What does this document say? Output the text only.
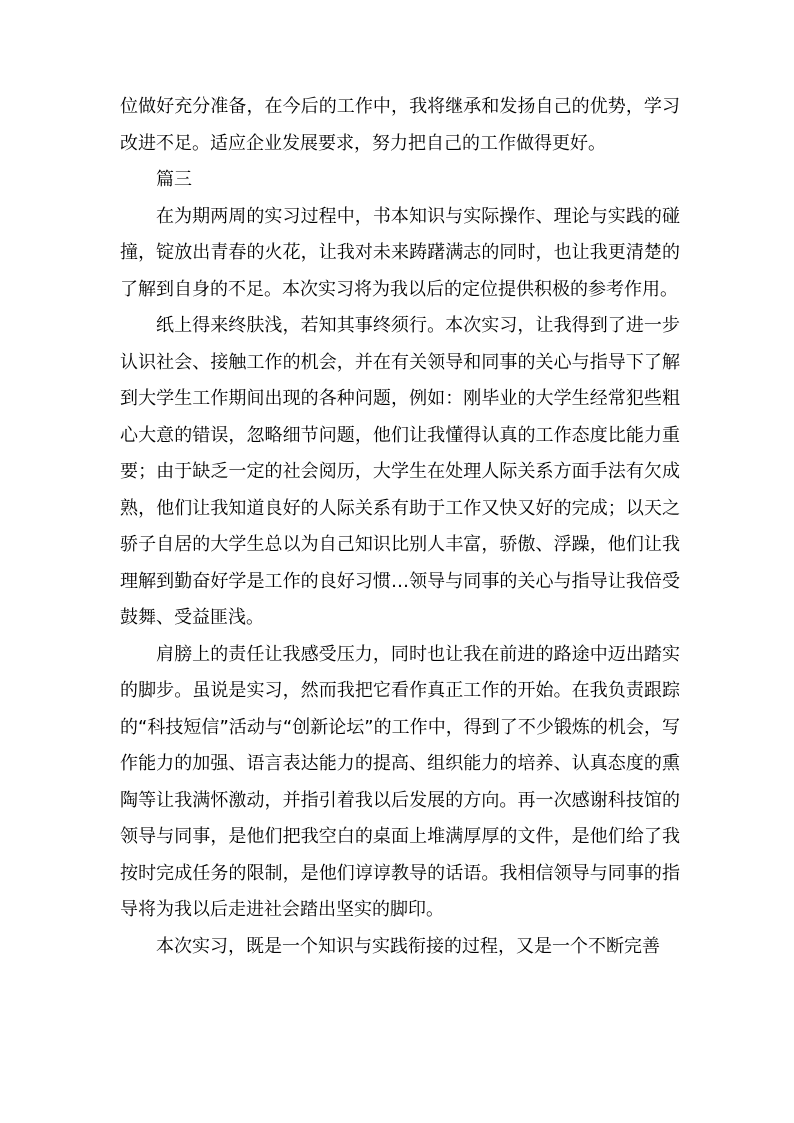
位做好充分准备，在今后的工作中，我将继承和发扬自己的优势，学习改进不足。适应企业发展要求，努力把自己的工作做得更好。

篇三

在为期两周的实习过程中，书本知识与实际操作、理论与实践的碰撞，锭放出青春的火花，让我对未来踌躇满志的同时，也让我更清楚的了解到自身的不足。本次实习将为我以后的定位提供积极的参考作用。

纸上得来终肤浅，若知其事终须行。本次实习，让我得到了进一步认识社会、接触工作的机会，并在有关领导和同事的关心与指导下了解到大学生工作期间出现的各种问题，例如：刚毕业的大学生经常犯些粗心大意的错误，忽略细节问题，他们让我懂得认真的工作态度比能力重要；由于缺乏一定的社会阅历，大学生在处理人际关系方面手法有欠成熟，他们让我知道良好的人际关系有助于工作又快又好的完成；以天之骄子自居的大学生总以为自己知识比别人丰富，骄傲、浮躁，他们让我理解到勤奋好学是工作的良好习惯…领导与同事的关心与指导让我倍受鼓舞、受益匪浅。

肩膀上的责任让我感受压力，同时也让我在前进的路途中迈出踏实的脚步。虽说是实习，然而我把它看作真正工作的开始。在我负责跟踪的“科技短信”活动与“创新论坛”的工作中，得到了不少锻炼的机会，写作能力的加强、语言表达能力的提高、组织能力的培养、认真态度的熏陶等让我满怀激动，并指引着我以后发展的方向。再一次感谢科技馆的领导与同事，是他们把我空白的桌面上堆满厚厚的文件，是他们给了我按时完成任务的限制，是他们谆谆教导的话语。我相信领导与同事的指导将为我以后走进社会踏出坚实的脚印。

本次实习，既是一个知识与实践衔接的过程，又是一个不断完善
